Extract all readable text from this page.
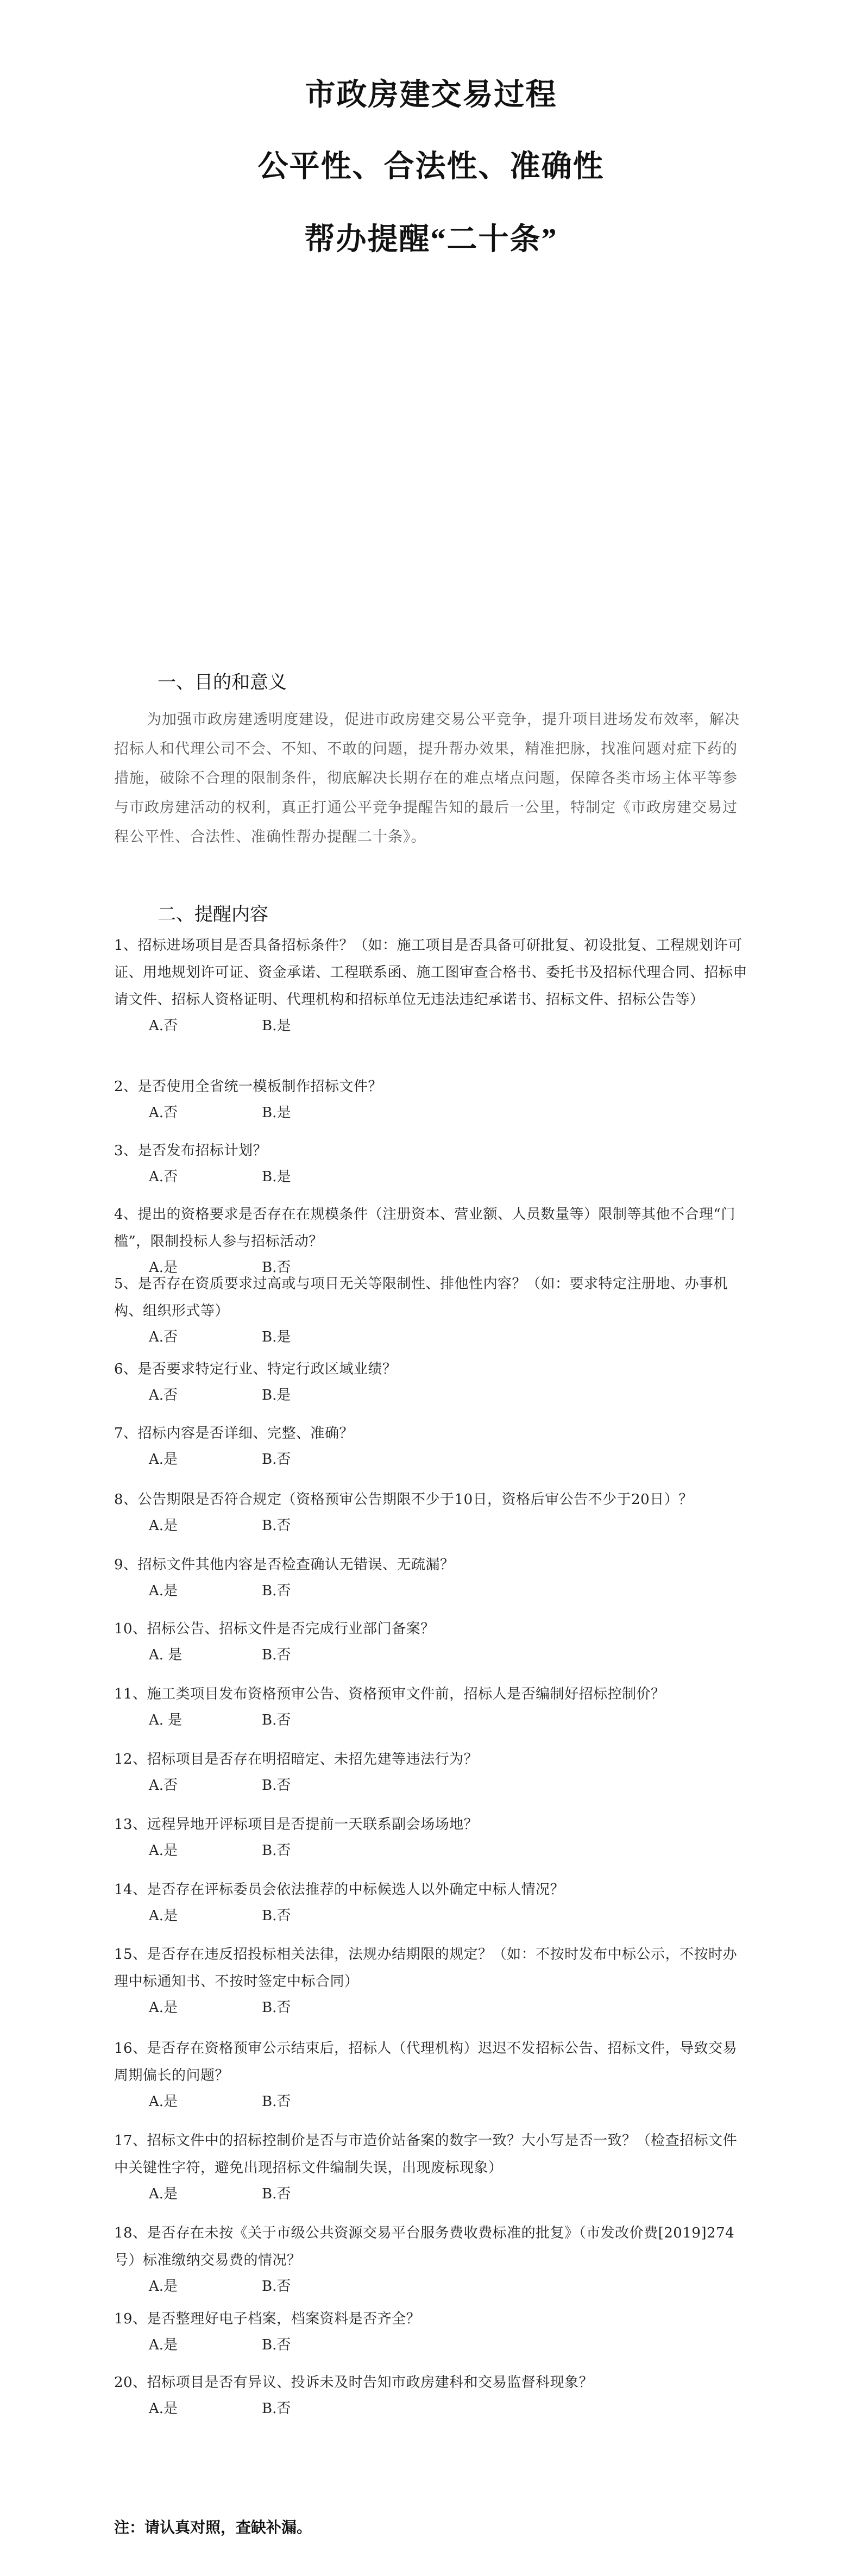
市政房建交易过程
公平性、合法性、准确性
帮办提醒“二十条”
一、目的和意义

为加强市政房建透明度建设，促进市政房建交易公平竞争，提升项目进场发布效率，解决招标人和代理公司不会、不知、不敢的问题，提升帮办效果，精准把脉，找准问题对症下药的措施，破除不合理的限制条件，彻底解决长期存在的难点堵点问题，保障各类市场主体平等参与市政房建活动的权利，真正打通公平竞争提醒告知的最后一公里，特制定《市政房建交易过程公平性、合法性、准确性帮办提醒二十条》。

二、提醒内容

1、招标进场项目是否具备招标条件？（如：施工项目是否具备可研批复、初设批复、工程规划许可证、用地规划许可证、资金承诺、工程联系函、施工图审查合格书、委托书及招标代理合同、招标申请文件、招标人资格证明、代理机构和招标单位无违法违纪承诺书、招标文件、招标公告等）

A.否	B.是

2、是否使用全省统一模板制作招标文件？

A.否	B.是

3、是否发布招标计划？

A.否	B.是

4、提出的资格要求是否存在在规模条件（注册资本、营业额、人员数量等）限制等其他不合理“门槛”，限制投标人参与招标活动？

A.是	B.否

5、是否存在资质要求过高或与项目无关等限制性、排他性内容？（如：要求特定注册地、办事机构、组织形式等）

A.否	B.是

6、是否要求特定行业、特定行政区域业绩？

A.否	B.是

7、招标内容是否详细、完整、准确？

A.是	B.否

8、公告期限是否符合规定（资格预审公告期限不少于10日，资格后审公告不少于20日）？

A.是	B.否

9、招标文件其他内容是否检查确认无错误、无疏漏？

A.是	B.否

10、招标公告、招标文件是否完成行业部门备案？

A. 是	B.否

11、施工类项目发布资格预审公告、资格预审文件前，招标人是否编制好招标控制价？

A. 是	B.否

12、招标项目是否存在明招暗定、未招先建等违法行为？

A.否	B.否

13、远程异地开评标项目是否提前一天联系副会场场地？

A.是	B.否

14、是否存在评标委员会依法推荐的中标候选人以外确定中标人情况？

A.是	B.否

15、是否存在违反招投标相关法律，法规办结期限的规定？（如：不按时发布中标公示，不按时办理中标通知书、不按时签定中标合同）

A.是	B.否

16、是否存在资格预审公示结束后，招标人（代理机构）迟迟不发招标公告、招标文件，导致交易周期偏长的问题？

A.是	B.否

17、招标文件中的招标控制价是否与市造价站备案的数字一致？大小写是否一致？（检查招标文件中关键性字符，避免出现招标文件编制失误，出现废标现象）

A.是	B.否

18、是否存在未按《关于市级公共资源交易平台服务费收费标准的批复》（市发改价费[2019]274号）标准缴纳交易费的情况？

A.是	B.否

19、是否整理好电子档案，档案资料是否齐全？

A.是	B.否

20、招标项目是否有异议、投诉未及时告知市政房建科和交易监督科现象？

A.是	B.否
注：请认真对照，查缺补漏。
